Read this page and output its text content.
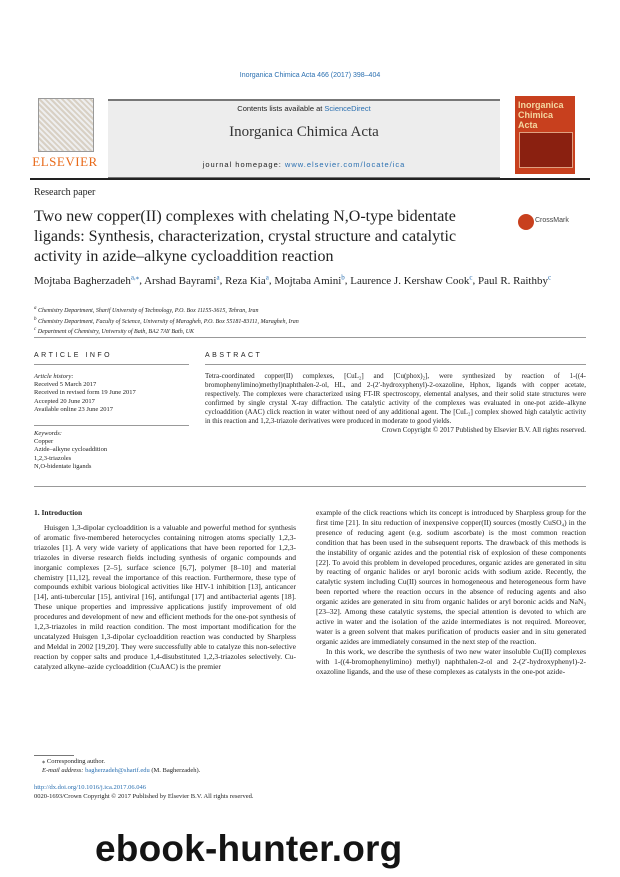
Inorganica Chimica Acta 466 (2017) 398–404
ELSEVIER
Contents lists available at ScienceDirect
Inorganica Chimica Acta
journal homepage: www.elsevier.com/locate/ica
Inorganica Chimica Acta
Research paper
Two new copper(II) complexes with chelating N,O-type bidentate ligands: Synthesis, characterization, crystal structure and catalytic activity in azide–alkyne cycloaddition reaction
CrossMark
Mojtaba Bagherzadeh$^{a,⁎}$, Arshad Bayrami$^a$, Reza Kia$^a$, Mojtaba Amini$^b$, Laurence J. Kershaw Cook$^c$, Paul R. Raithby$^c$
$^a$ Chemistry Department, Sharif University of Technology, P.O. Box 11155-3615, Tehran, Iran
$^b$ Chemistry Department, Faculty of Science, University of Maragheh, P.O. Box 55181-83111, Maragheh, Iran
$^c$ Department of Chemistry, University of Bath, BA2 7AY Bath, UK
ARTICLE INFO
Article history:
Received 5 March 2017
Received in revised form 19 June 2017
Accepted 20 June 2017
Available online 23 June 2017
Keywords:
Copper
Azide–alkyne cycloaddition
1,2,3-triazoles
N,O-bidentate ligands
ABSTRACT
Tetra-coordinated copper(II) complexes, [CuL₂] and [Cu(phox)₂], were synthesized by reaction of 1-((4-bromophenylimino)methyl)naphthalen-2-ol, HL, and 2-(2′-hydroxyphenyl)-2-oxazoline, Hphox, ligands with copper acetate, respectively. The complexes were characterized using FT-IR spectroscopy, elemental analyses, and their solid state structures were confirmed by single crystal X-ray diffraction. The catalytic activity of the complexes was evaluated in one-pot azide–alkyne cycloaddition (AAC) click reaction in water without need of any additional agent. The [CuL₂] complex showed high catalytic activity in this reaction and 1,2,3-triazole derivatives were produced in moderate to good yields.
Crown Copyright © 2017 Published by Elsevier B.V. All rights reserved.
1. Introduction
Huisgen 1,3-dipolar cycloaddition is a valuable and powerful method for synthesis of aromatic five-membered heterocycles containing nitrogen atoms specially 1,2,3-triazoles [1]. A very wide variety of applications that have been reported for 1,2,3-triazoles in diverse research fields including synthesis of organic compounds and inorganic complexes [2–5], surface science [6,7], polymer [8–10] and material chemistry [11,12], reveal the importance of this reaction. Furthermore, these type of compounds exhibit various biological activities like HIV-1 inhibition [13], anticancer [14], anti-tubercular [15], antiviral [16], antifungal [17] and antibacterial agents [18]. These unique properties and impressive applications justify improvement of old procedures and development of new and efficient methods for the one-pot synthesis of 1,2,3-triazoles in mild reaction condition. The most important modification for the uncatalyzed Huisgen 1,3-dipolar cycloaddition reaction was conducted by Sharpless and Meldal in 2002 [19,20]. They were successfully able to catalyze this non-selective reaction by copper salts and produce 1,4-disubstituted 1,2,3-triazoles selectively. Cu-catalyzed alkyne–azide cycloaddition (CuAAC) is the premier

example of the click reactions which its concept is introduced by Sharpless group for the first time [21]. In situ reduction of inexpensive copper(II) sources (mostly CuSO₄) in the presence of reducing agent (e.g. sodium ascorbate) is the most common reaction condition that has been used in the subsequent reports. The drawback of this methods is the instability of organic azides and the potential risk of explosion of these components [22]. To avoid this problem in developed procedures, organic azides are generated in situ by reacting of organic halides or aryl boronic acids with sodium azide. Recently, the catalytic system including Cu(II) sources in homogeneous and heterogeneous form have been reported where the reaction occurs in the absence of reducing agents and also organic azides are generated in situ from organic halides or aryl boronic acids and NaN₃ [23–32]. Among these catalytic systems, the special attention is devoted to which are active in water and the isolation of the azide intermediates is not required. Moreover, water is a green solvent that makes purification of products easier and in situ generated organic azides are immediately consumed in the next step of the reaction.

In this work, we describe the synthesis of two new water insoluble Cu(II) complexes with 1-((4-bromophenylimino) methyl) naphthalen-2-ol and 2-(2′-hydroxyphenyl)-2-oxazoline ligands, and the use of these complexes as catalysts in the one-pot azide-

⁎ Corresponding author.
E-mail address: bagherzadeh@sharif.edu (M. Bagherzadeh).
http://dx.doi.org/10.1016/j.ica.2017.06.046
0020-1693/Crown Copyright © 2017 Published by Elsevier B.V. All rights reserved.
ebook-hunter.org
